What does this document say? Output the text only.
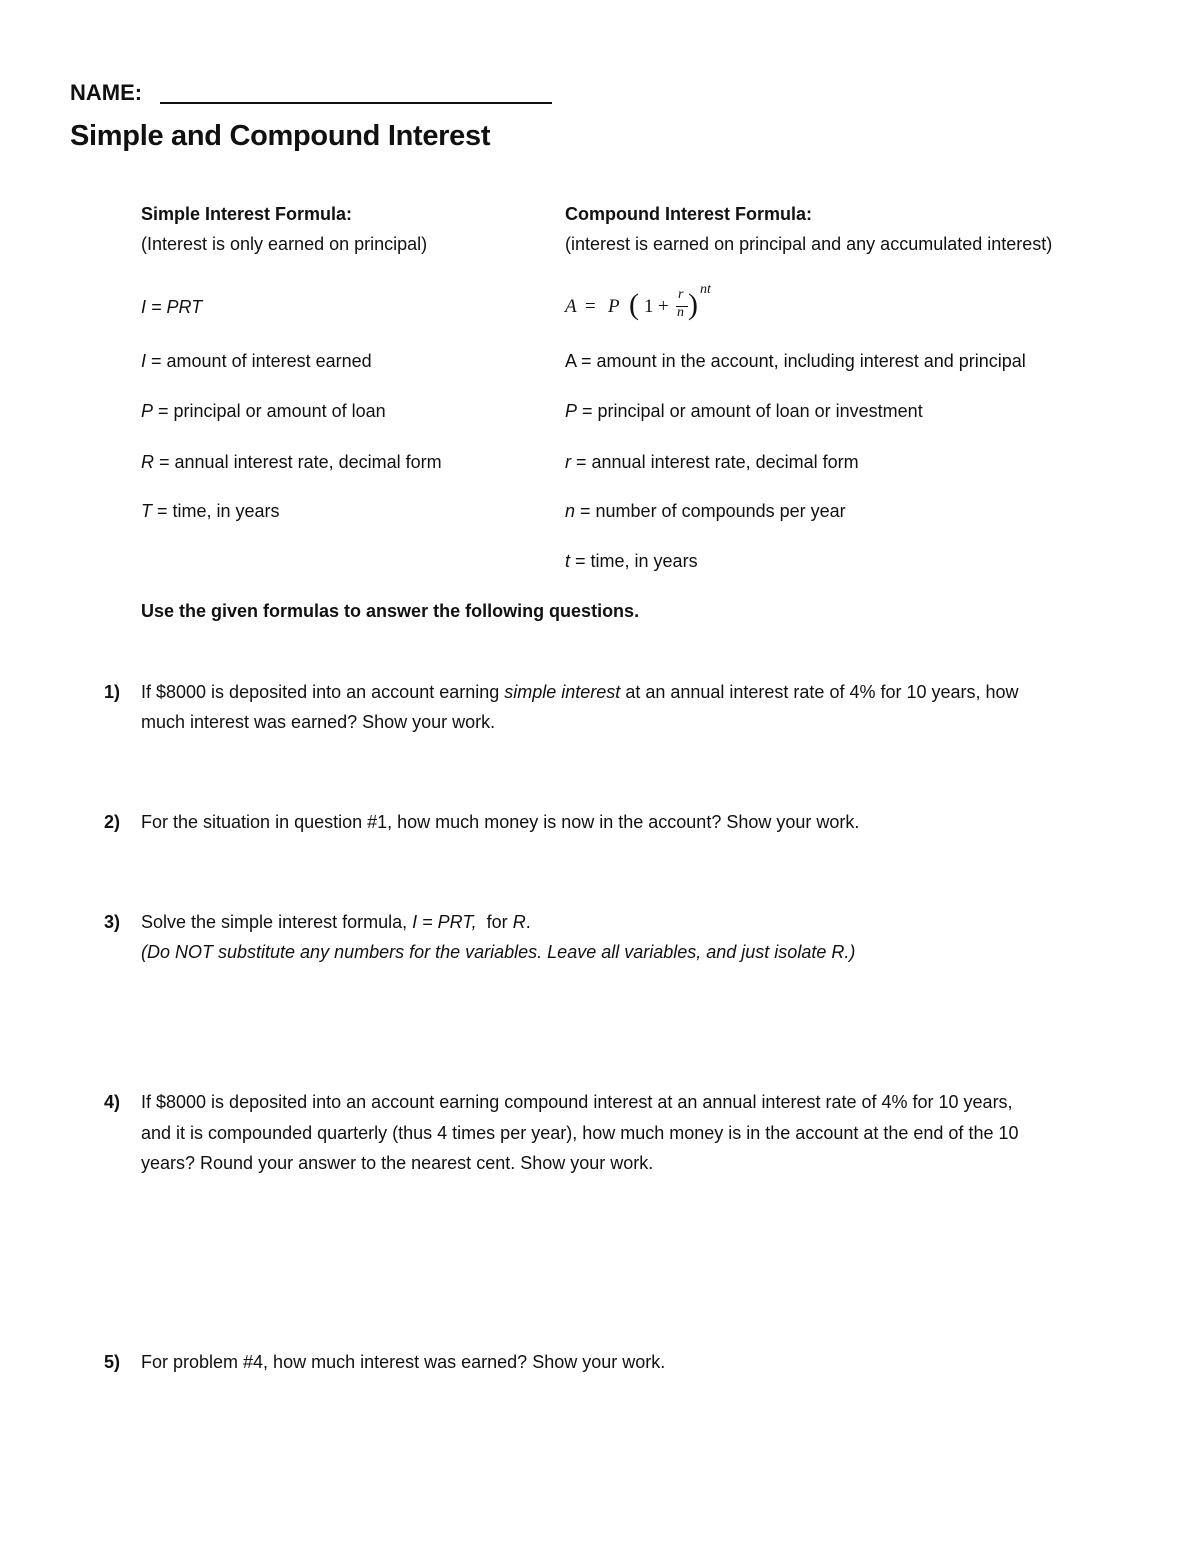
NAME:
Simple and Compound Interest
Simple Interest Formula:
(Interest is only earned on principal)
I = PRT
I = amount of interest earned
P = principal or amount of loan
R = annual interest rate, decimal form
T = time, in years
Compound Interest Formula:
(interest is earned on principal and any accumulated interest)
A = P ( 1 +
r
n ) nt
A = amount in the account, including interest and principal
P = principal or amount of loan or investment
r = annual interest rate, decimal form
n = number of compounds per year
t = time, in years
Use the given formulas to answer the following questions.
1) If $8000 is deposited into an account earning simple interest at an annual interest rate of 4% for 10 years, how
much interest was earned? Show your work.
2) For the situation in question #1, how much money is now in the account? Show your work.
3) Solve the simple interest formula, I = PRT,  for R.
(Do NOT substitute any numbers for the variables. Leave all variables, and just isolate R.)
4) If $8000 is deposited into an account earning compound interest at an annual interest rate of 4% for 10 years,
and it is compounded quarterly (thus 4 times per year), how much money is in the account at the end of the 10
years? Round your answer to the nearest cent. Show your work.
5) For problem #4, how much interest was earned? Show your work.
